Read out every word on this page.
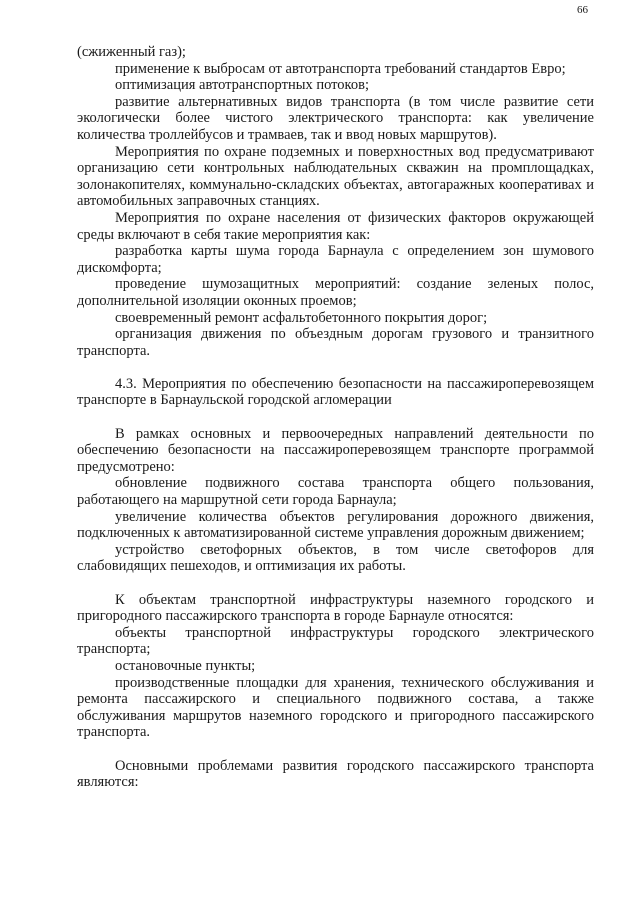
66

(сжиженный газ);

применение к выбросам от автотранспорта требований стандартов Евро;

оптимизация автотранспортных потоков;

развитие альтернативных видов транспорта (в том числе развитие сети экологически более чистого электрического транспорта: как увеличение количества троллейбусов и трамваев, так и ввод новых маршрутов).

Мероприятия по охране подземных и поверхностных вод предусматривают организацию сети контрольных наблюдательных скважин на промплощадках, золонакопителях, коммунально-складских объектах, автогаражных кооперативах и автомобильных заправочных станциях.

Мероприятия по охране населения от физических факторов окружающей среды включают в себя такие мероприятия как:

разработка карты шума города Барнаула с определением зон шумового дискомфорта;

проведение шумозащитных мероприятий: создание зеленых полос, дополнительной изоляции оконных проемов;

своевременный ремонт асфальтобетонного покрытия дорог;

организация движения по объездным дорогам грузового и транзитного транспорта.

4.3. Мероприятия по обеспечению безопасности на пассажироперевозящем транспорте в Барнаульской городской агломерации

В рамках основных и первоочередных направлений деятельности по обеспечению безопасности на пассажироперевозящем транспорте программой предусмотрено:

обновление подвижного состава транспорта общего пользования, работающего на маршрутной сети города Барнаула;

увеличение количества объектов регулирования дорожного движения, подключенных к автоматизированной системе управления дорожным движением;

устройство светофорных объектов, в том числе светофоров для слабовидящих пешеходов, и оптимизация их работы.

К объектам транспортной инфраструктуры наземного городского и пригородного пассажирского транспорта в городе Барнауле относятся:

объекты транспортной инфраструктуры городского электрического транспорта;

остановочные пункты;

производственные площадки для хранения, технического обслуживания и ремонта пассажирского и специального подвижного состава, а также обслуживания маршрутов наземного городского и пригородного пассажирского транспорта.

Основными проблемами развития городского пассажирского транспорта являются:
